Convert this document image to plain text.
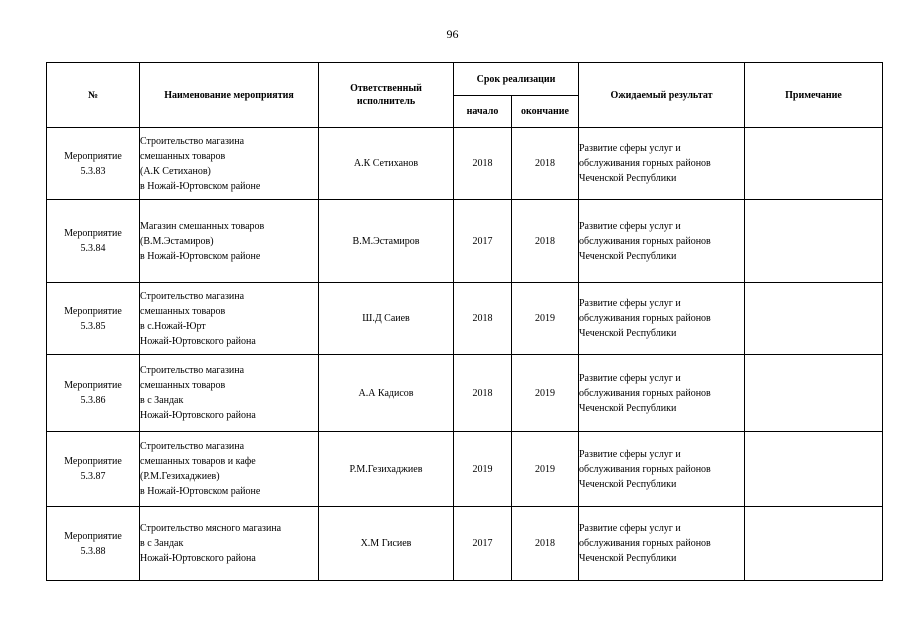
96
№	Наименование мероприятия	Ответственный
исполнитель	Срок реализации		Ожидаемый результат	Примечание
			начало	окончание		

Мероприятие
5.3.83	Строительство магазина
смешанных товаров
(А.К Сетиханов)
в Ножай-Юртовском районе	А.К Сетиханов	2018	2018	Развитие сферы услуг и
обслуживания горных районов
Чеченской Республики	

Мероприятие
5.3.84	Магазин смешанных товаров
(В.М.Эстамиров)
в Ножай-Юртовском районе	В.М.Эстамиров	2017	2018	Развитие сферы услуг и
обслуживания горных районов
Чеченской Республики	

Мероприятие
5.3.85	Строительство магазина
смешанных товаров
в с.Ножай-Юрт
Ножай-Юртовского района	Ш.Д Саиев	2018	2019	Развитие сферы услуг и
обслуживания горных районов
Чеченской Республики	

Мероприятие
5.3.86	Строительство магазина
смешанных товаров
в с Зандак
Ножай-Юртовского района	А.А Кадисов	2018	2019	Развитие сферы услуг и
обслуживания горных районов
Чеченской Республики	

Мероприятие
5.3.87	Строительство магазина
смешанных товаров и кафе
(Р.М.Гезихаджиев)
в Ножай-Юртовском районе	Р.М.Гезихаджиев	2019	2019	Развитие сферы услуг и
обслуживания горных районов
Чеченской Республики	

Мероприятие
5.3.88	Строительство мясного магазина
в с Зандак
Ножай-Юртовского района	Х.М Гисиев	2017	2018	Развитие сферы услуг и
обслуживания горных районов
Чеченской Республики	
